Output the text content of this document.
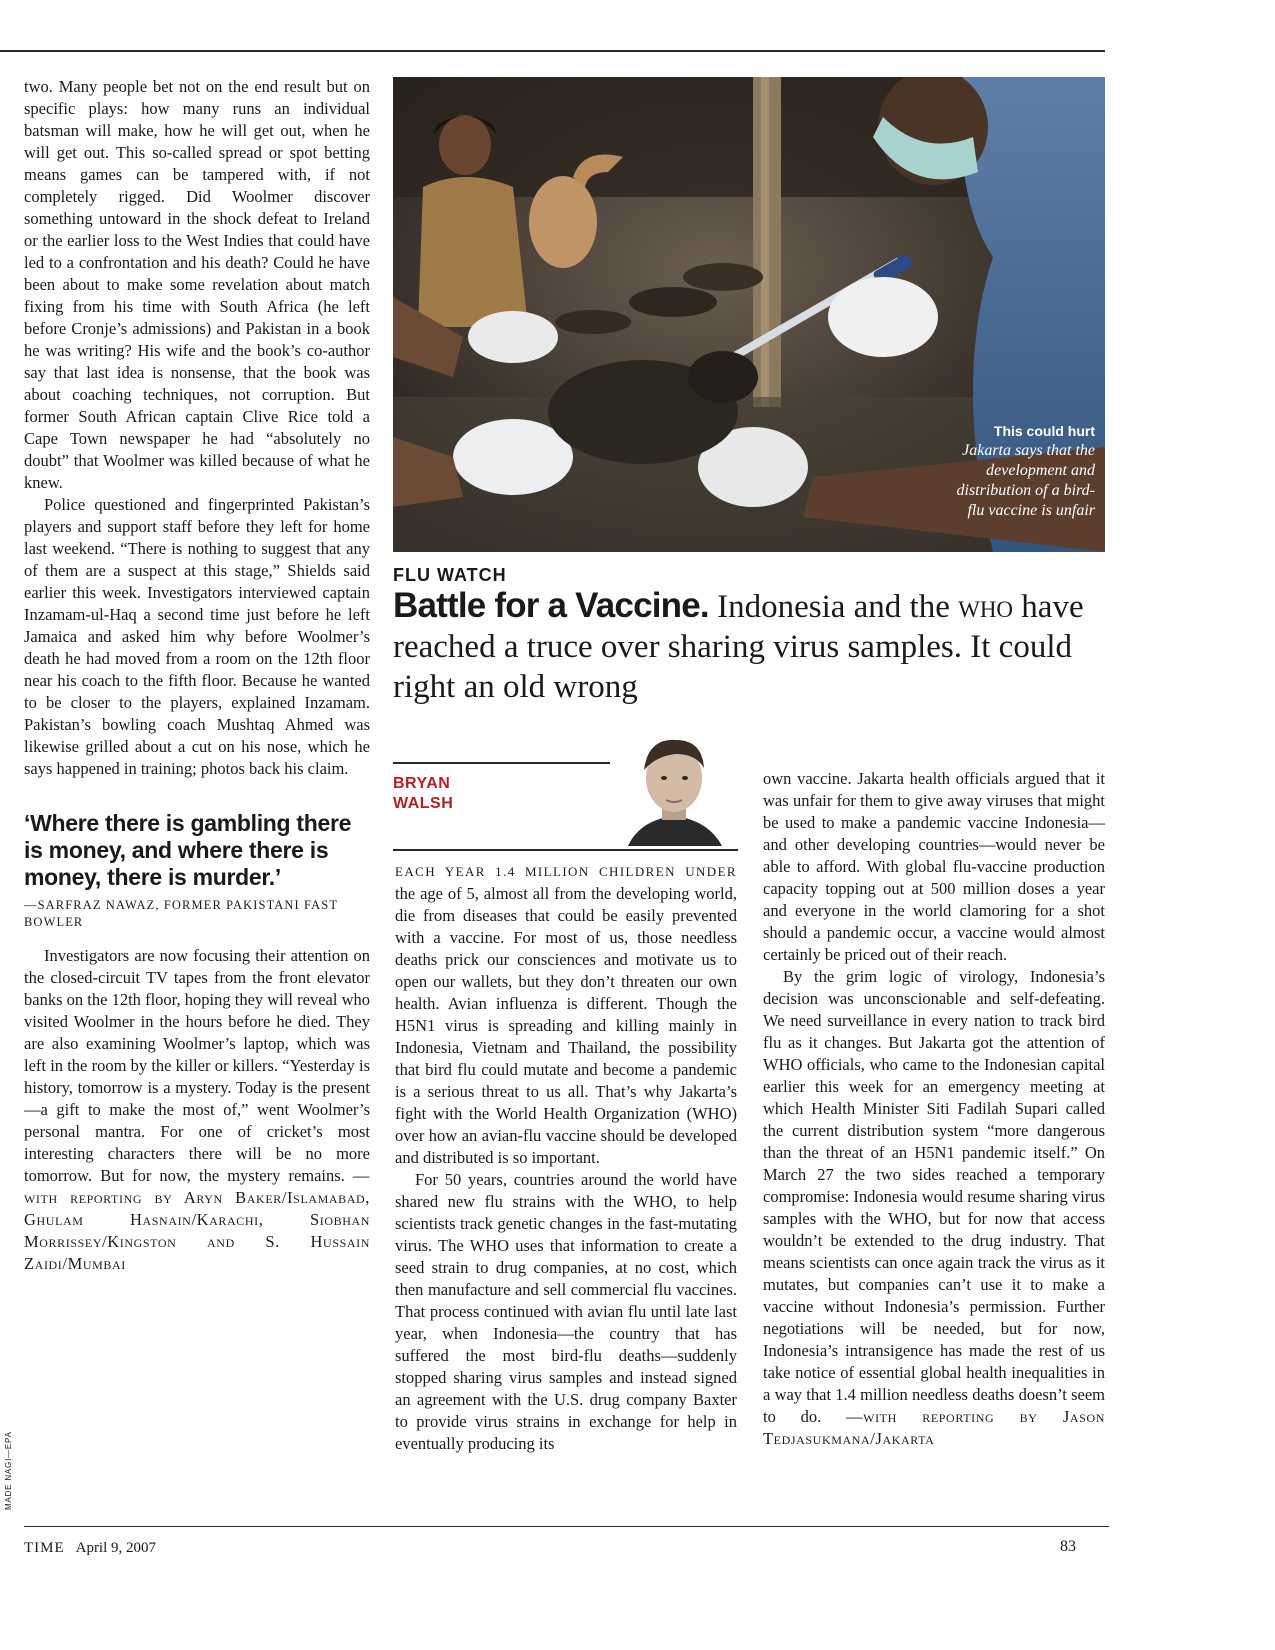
two. Many people bet not on the end result but on specific plays: how many runs an individual batsman will make, how he will get out, when he will get out. This so-called spread or spot betting means games can be tampered with, if not completely rigged. Did Woolmer discover something untoward in the shock defeat to Ireland or the earlier loss to the West Indies that could have led to a confrontation and his death? Could he have been about to make some revelation about match fixing from his time with South Africa (he left before Cronje’s admissions) and Pakistan in a book he was writing? His wife and the book’s co-author say that last idea is nonsense, that the book was about coaching techniques, not corruption. But former South African captain Clive Rice told a Cape Town newspaper he had “absolutely no doubt” that Woolmer was killed because of what he knew.

Police questioned and fingerprinted Pakistan’s players and support staff before they left for home last weekend. “There is nothing to suggest that any of them are a suspect at this stage,” Shields said earlier this week. Investigators interviewed captain Inzamam-ul-Haq a second time just before he left Jamaica and asked him why before Woolmer’s death he had moved from a room on the 12th floor near his coach to the fifth floor. Because he wanted to be closer to the players, explained Inzamam. Pakistan’s bowling coach Mushtaq Ahmed was likewise grilled about a cut on his nose, which he says happened in training; photos back his claim.

‘Where there is gambling there is money, and where there is money, there is murder.’
—SARFRAZ NAWAZ, FORMER PAKISTANI FAST BOWLER

Investigators are now focusing their attention on the closed-circuit TV tapes from the front elevator banks on the 12th floor, hoping they will reveal who visited Woolmer in the hours before he died. They are also examining Woolmer’s laptop, which was left in the room by the killer or killers. “Yesterday is history, tomorrow is a mystery. Today is the present—a gift to make the most of,” went Woolmer’s personal mantra. For one of cricket’s most interesting characters there will be no more tomorrow. But for now, the mystery remains. —with reporting by Aryn Baker/Islamabad, Ghulam Hasnain/Karachi, Siobhan Morrissey/Kingston and S. Hussain Zaidi/Mumbai

This could hurt
Jakarta says that the development and distribution of a bird-flu vaccine is unfair
FLU WATCH
Battle for a Vaccine. Indonesia and the who have reached a truce over sharing virus samples. It could right an old wrong
BRYAN
WALSH

EACH YEAR 1.4 MILLION CHILDREN UNDER the age of 5, almost all from the developing world, die from diseases that could be easily prevented with a vaccine. For most of us, those needless deaths prick our consciences and motivate us to open our wallets, but they don’t threaten our own health. Avian influenza is different. Though the H5N1 virus is spreading and killing mainly in Indonesia, Vietnam and Thailand, the possibility that bird flu could mutate and become a pandemic is a serious threat to us all. That’s why Jakarta’s fight with the World Health Organization (WHO) over how an avian-flu vaccine should be developed and distributed is so important.

For 50 years, countries around the world have shared new flu strains with the WHO, to help scientists track genetic changes in the fast-mutating virus. The WHO uses that information to create a seed strain to drug companies, at no cost, which then manufacture and sell commercial flu vaccines. That process continued with avian flu until late last year, when Indonesia—the country that has suffered the most bird-flu deaths—suddenly stopped sharing virus samples and instead signed an agreement with the U.S. drug company Baxter to provide virus strains in exchange for help in eventually producing its

own vaccine. Jakarta health officials argued that it was unfair for them to give away viruses that might be used to make a pandemic vaccine Indonesia—and other developing countries—would never be able to afford. With global flu-vaccine production capacity topping out at 500 million doses a year and everyone in the world clamoring for a shot should a pandemic occur, a vaccine would almost certainly be priced out of their reach.

By the grim logic of virology, Indonesia’s decision was unconscionable and self-defeating. We need surveillance in every nation to track bird flu as it changes. But Jakarta got the attention of WHO officials, who came to the Indonesian capital earlier this week for an emergency meeting at which Health Minister Siti Fadilah Supari called the current distribution system “more dangerous than the threat of an H5N1 pandemic itself.” On March 27 the two sides reached a temporary compromise: Indonesia would resume sharing virus samples with the WHO, but for now that access wouldn’t be extended to the drug industry. That means scientists can once again track the virus as it mutates, but companies can’t use it to make a vaccine without Indonesia’s permission. Further negotiations will be needed, but for now, Indonesia’s intransigence has made the rest of us take notice of essential global health inequalities in a way that 1.4 million needless deaths doesn’t seem to do. —with reporting by Jason Tedjasukmana/Jakarta

MADE NAGI—EPA
TIME April 9, 2007	83
